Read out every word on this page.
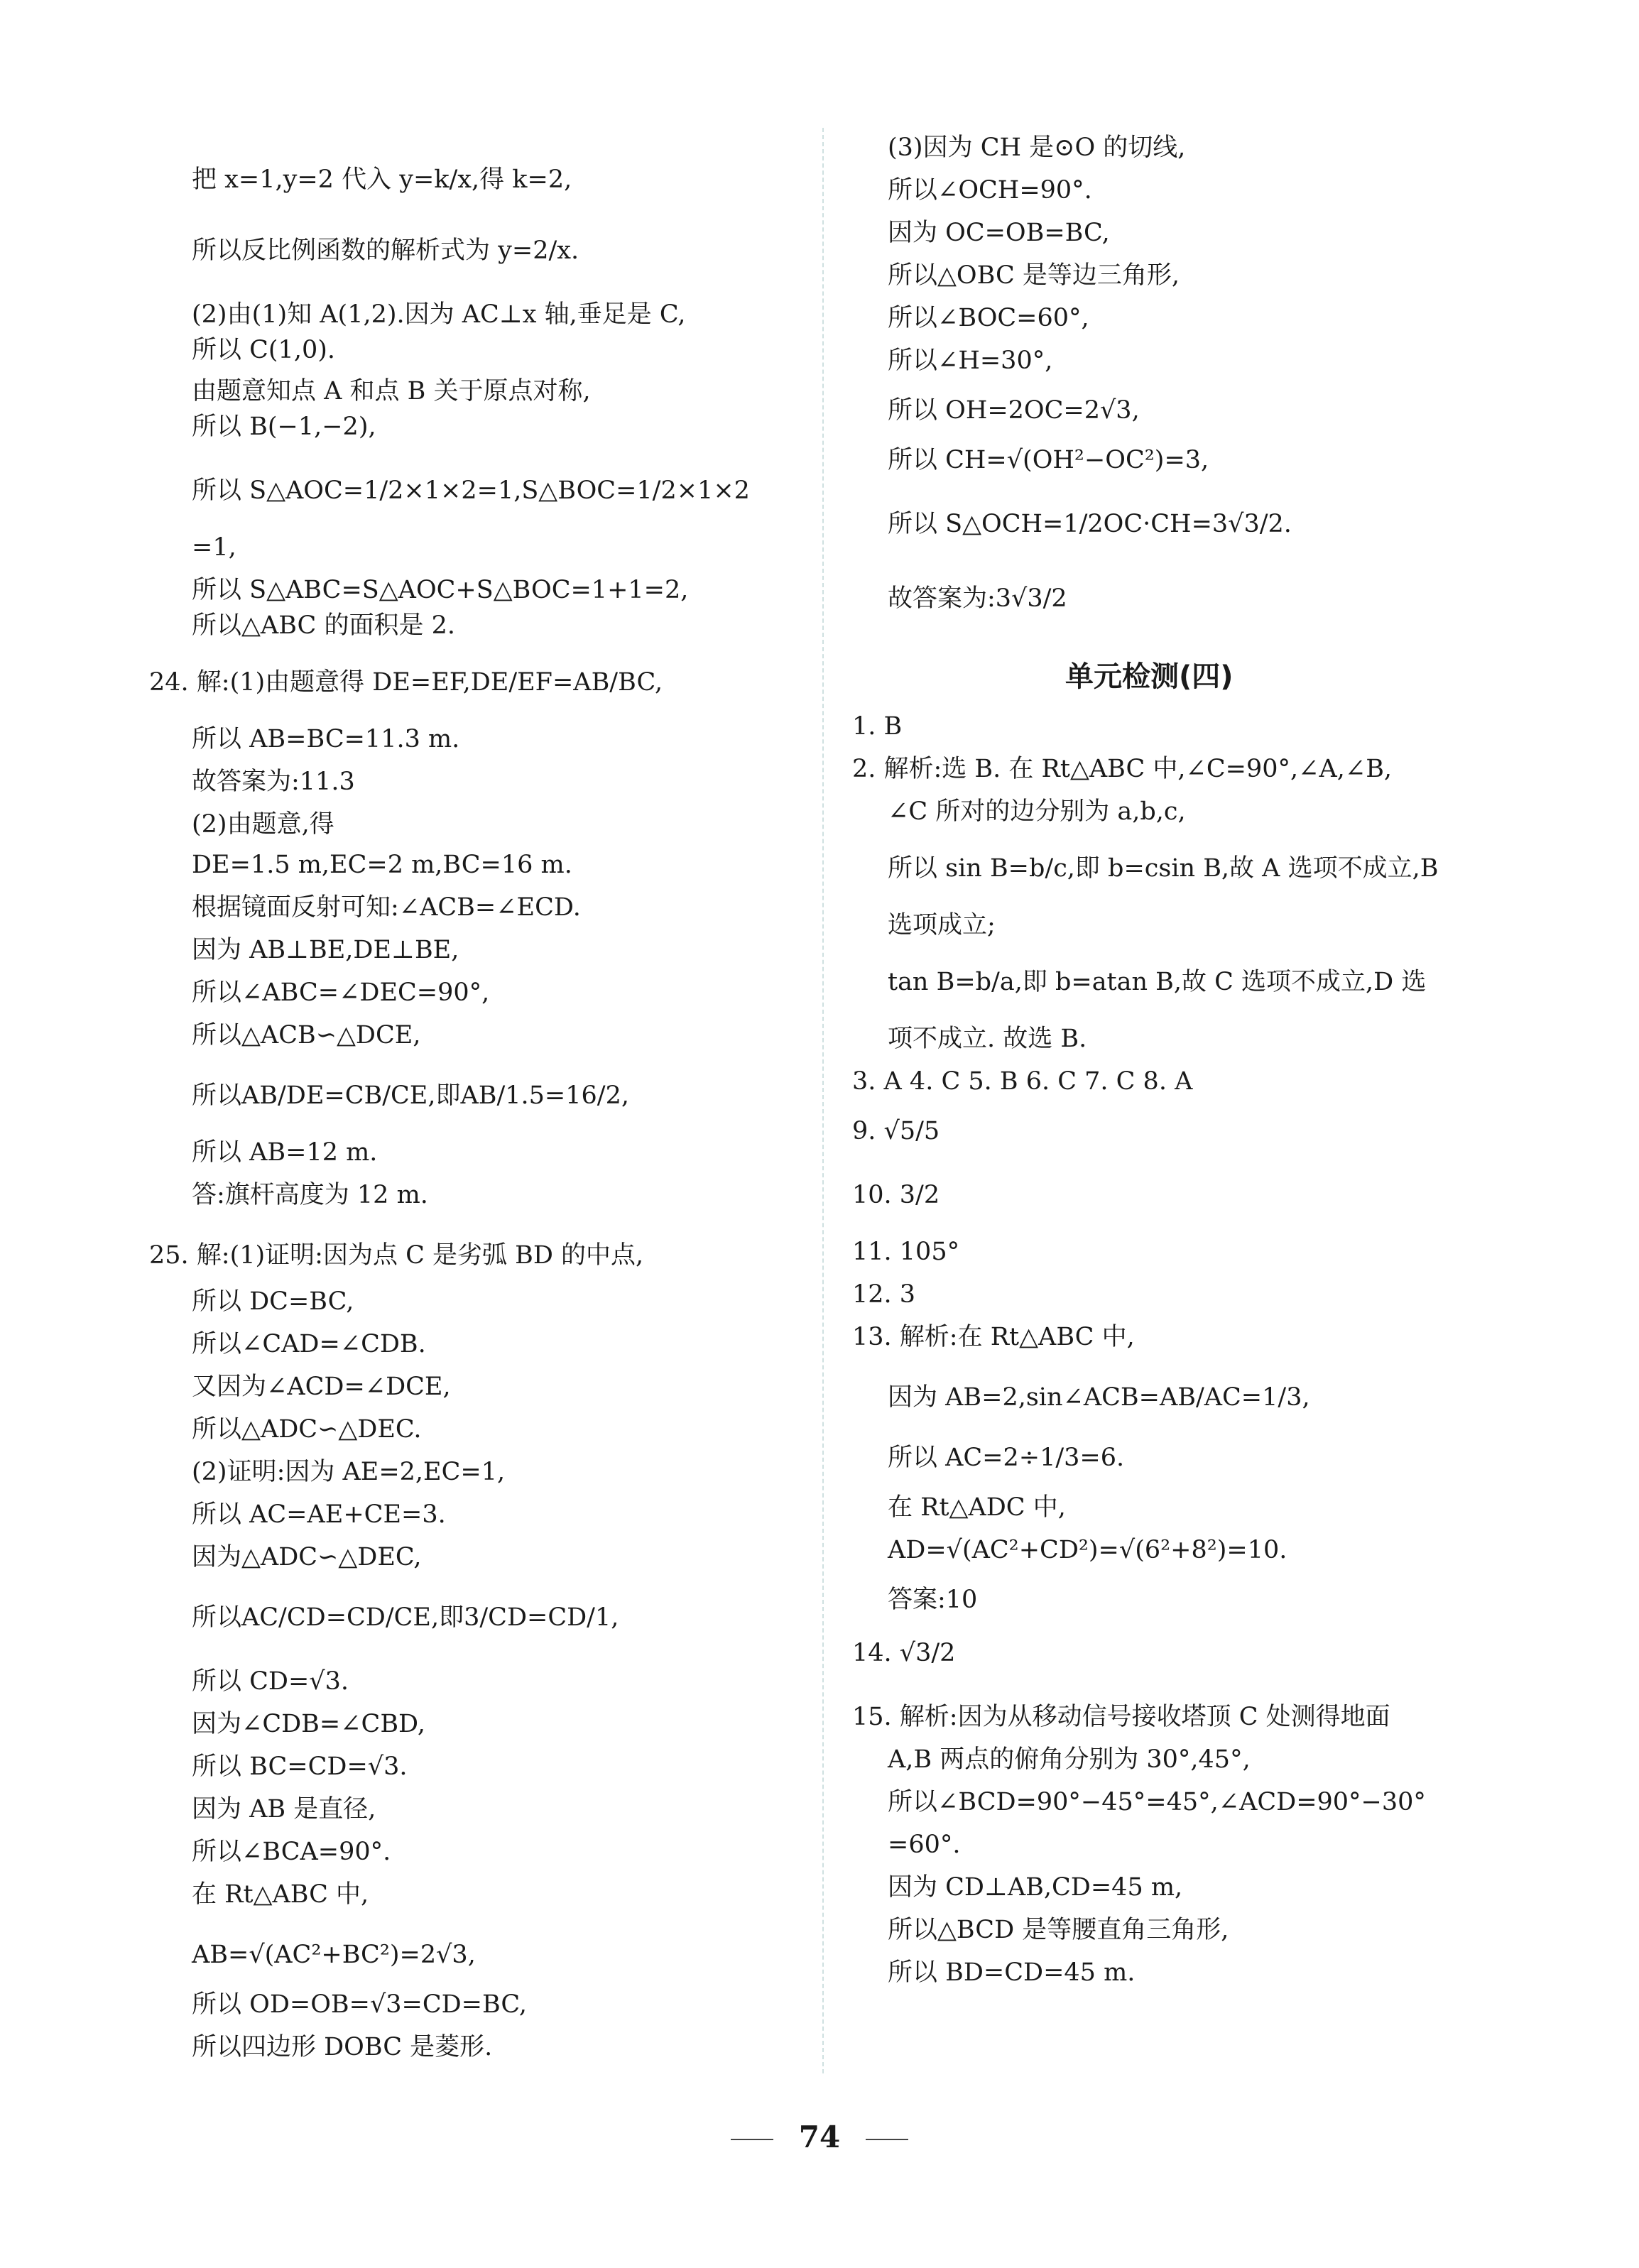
把 x=1,y=2 代入 y=k/x,得 k=2,
所以反比例函数的解析式为 y=2/x.
(2)由(1)知 A(1,2).因为 AC⊥x 轴,垂足是 C,
所以 C(1,0).
由题意知点 A 和点 B 关于原点对称,
所以 B(−1,−2),
所以 S△AOC=1/2×1×2=1,S△BOC=1/2×1×2
=1,
所以 S△ABC=S△AOC+S△BOC=1+1=2,
所以△ABC 的面积是 2.
24. 解:(1)由题意得 DE=EF,DE/EF=AB/BC,
所以 AB=BC=11.3 m.
故答案为:11.3
(2)由题意,得
DE=1.5 m,EC=2 m,BC=16 m.
根据镜面反射可知:∠ACB=∠ECD.
因为 AB⊥BE,DE⊥BE,
所以∠ABC=∠DEC=90°,
所以△ACB∽△DCE,
所以AB/DE=CB/CE,即AB/1.5=16/2,
所以 AB=12 m.
答:旗杆高度为 12 m.
25. 解:(1)证明:因为点 C 是劣弧 BD 的中点,
所以 DC=BC,
所以∠CAD=∠CDB.
又因为∠ACD=∠DCE,
所以△ADC∽△DEC.
(2)证明:因为 AE=2,EC=1,
所以 AC=AE+CE=3.
因为△ADC∽△DEC,
所以AC/CD=CD/CE,即3/CD=CD/1,
所以 CD=√3.
因为∠CDB=∠CBD,
所以 BC=CD=√3.
因为 AB 是直径,
所以∠BCA=90°.
在 Rt△ABC 中,
AB=√(AC²+BC²)=2√3,
所以 OD=OB=√3=CD=BC,
所以四边形 DOBC 是菱形.
(3)因为 CH 是⊙O 的切线,
所以∠OCH=90°.
因为 OC=OB=BC,
所以△OBC 是等边三角形,
所以∠BOC=60°,
所以∠H=30°,
所以 OH=2OC=2√3,
所以 CH=√(OH²−OC²)=3,
所以 S△OCH=1/2OC·CH=3√3/2.
故答案为:3√3/2
单元检测(四)
1. B
2. 解析:选 B. 在 Rt△ABC 中,∠C=90°,∠A,∠B,
∠C 所对的边分别为 a,b,c,
所以 sin B=b/c,即 b=csin B,故 A 选项不成立,B
选项成立;
tan B=b/a,即 b=atan B,故 C 选项不成立,D 选
项不成立. 故选 B.
3. A 4. C 5. B 6. C 7. C 8. A
9. √5/5
10. 3/2
11. 105°
12. 3
13. 解析:在 Rt△ABC 中,
因为 AB=2,sin∠ACB=AB/AC=1/3,
所以 AC=2÷1/3=6.
在 Rt△ADC 中,
AD=√(AC²+CD²)=√(6²+8²)=10.
答案:10
14. √3/2
15. 解析:因为从移动信号接收塔顶 C 处测得地面
A,B 两点的俯角分别为 30°,45°,
所以∠BCD=90°−45°=45°,∠ACD=90°−30°
=60°.
因为 CD⊥AB,CD=45 m,
所以△BCD 是等腰直角三角形,
所以 BD=CD=45 m.
74
